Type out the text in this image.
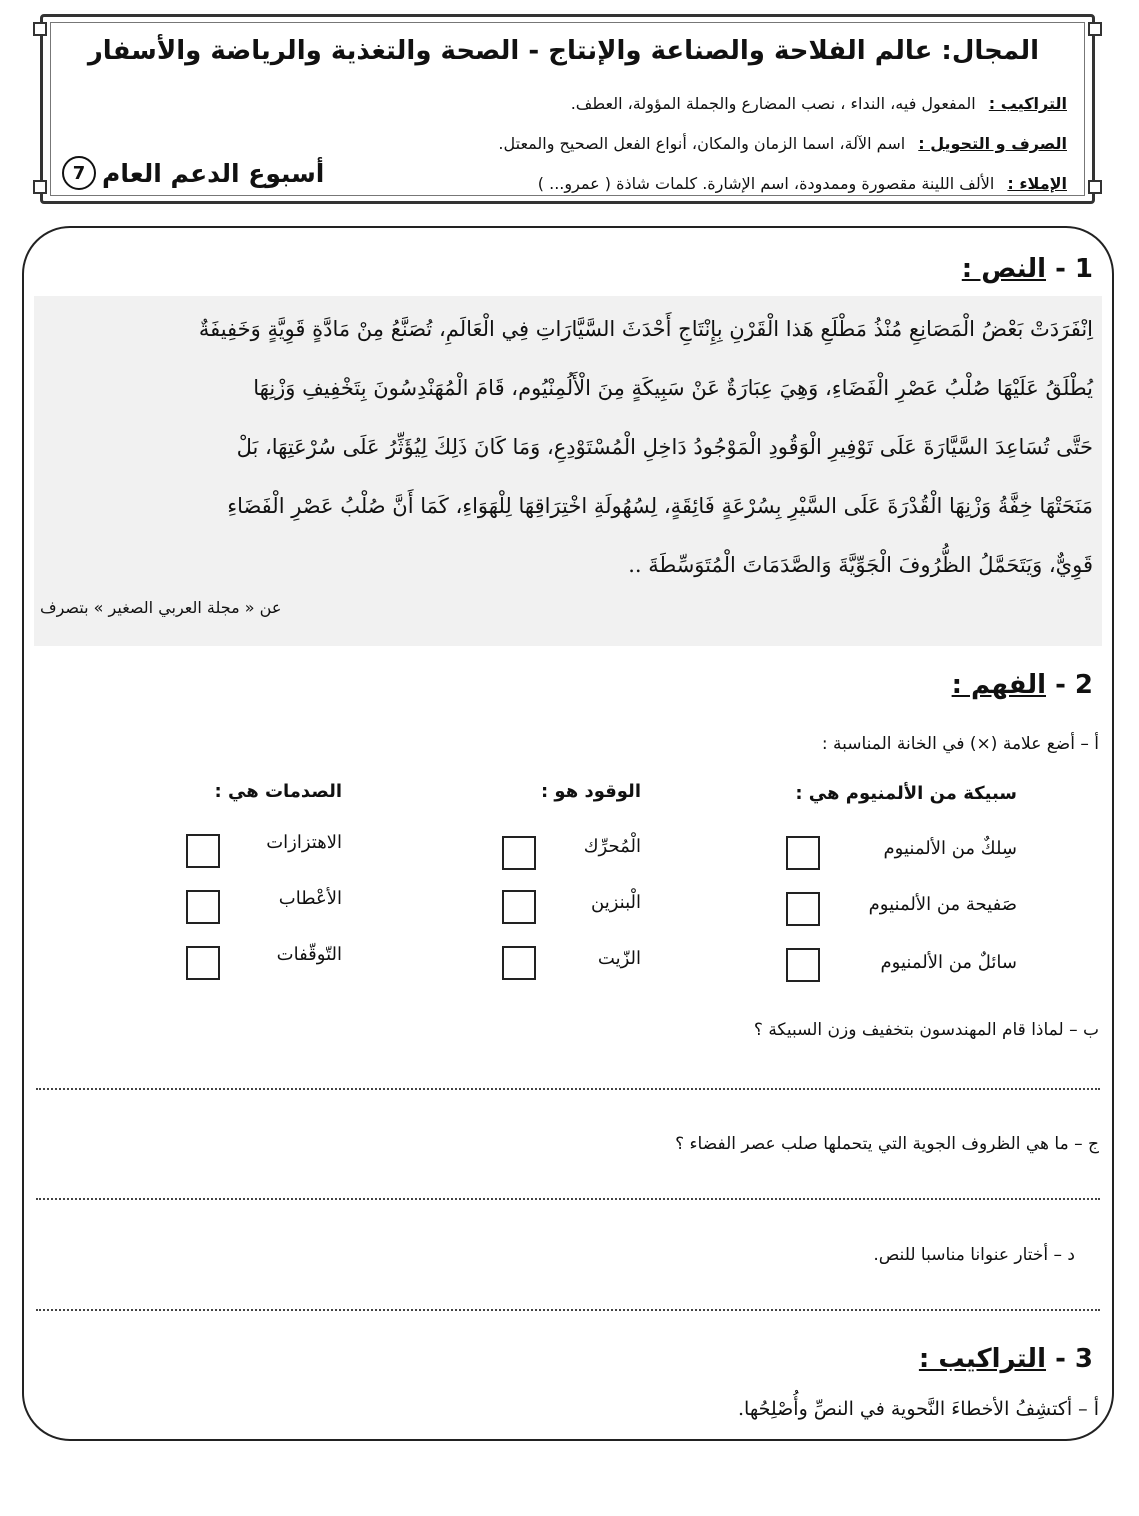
المجال: عالم الفلاحة والصناعة والإنتاج - الصحة والتغذية والرياضة والأسفار
التراكيب : المفعول فيه، النداء ، نصب المضارع والجملة المؤولة، العطف.
الصرف و التحويل : اسم الآلة، اسما الزمان والمكان، أنواع الفعل الصحيح والمعتل.
الإملاء : الألف اللينة مقصورة وممدودة، اسم الإشارة. كلمات شاذة ( عمرو... )
أسبوع الدعم العام
7
1 - النص :
اِنْفَرَدَتْ بَعْضُ الْمَصَانِعِ مُنْذُ مَطْلَعِ هَذا الْقَرْنِ بِإِنْتَاجِ أَحْدَثَ السَّيَّارَاتِ فِي الْعَالَمِ، تُصَنَّعُ مِنْ مَادَّةٍ قَوِيَّةٍ وَخَفِيفَةٌ
يُطْلَقُ عَلَيْهَا صُلْبُ عَصْرِ الْفَضَاءِ، وَهِيَ عِبَارَةٌ عَنْ سَبِيكَةٍ مِنَ الْأَلُمِنْيُوم، قَامَ الْمُهَنْدِسُونَ بِتَخْفِيفِ وَزْنِهَا
حَتَّى تُسَاعِدَ السَّيَّارَةَ عَلَى تَوْفِيرِ الْوَقُودِ الْمَوْجُودُ دَاخِلِ الْمُسْتَوْدِعِ، وَمَا كَانَ ذَلِكَ لِيُؤَثِّرُ عَلَى سُرْعَتِهَا، بَلْ
مَنَحَتْهَا خِفَّةُ وَزْنِهَا الْقُدْرَةَ عَلَى السَّيْرِ بِسُرْعَةٍ فَائِقَةٍ، لِسُهُولَةِ اخْتِرَاقِهَا لِلْهَوَاءِ، كَمَا أَنَّ صُلْبُ عَصْرِ الْفَضَاءِ
قَوِيٌّ، وَيَتَحَمَّلُ الظُّرُوفَ الْجَوِّيَّةَ وَالصَّدَمَاتَ الْمُتَوَسِّطَةَ ..
عن « مجلة العربي الصغير » بتصرف
2 - الفهم :
أ – أضع علامة (×) في الخانة المناسبة :
سبيكة من الألمنيوم هي :
الوقود هو :
الصدمات هي :
سِلكٌ من الألمنيوم
صَفيحة من الألمنيوم
سائلٌ من الألمنيوم
الْمُحرِّك
الْبنزين
الزّيت
الاهتزازات
الأعْطاب
التّوقّفات
ب – لماذا قام المهندسون بتخفيف وزن السبيكة ؟
ج – ما هي الظروف الجوية التي يتحملها صلب عصر الفضاء ؟
د – أختار عنوانا مناسبا للنص.
3 - التراكيب :
أ – أكتشِفُ الأخطاءَ النَّحوية في النصِّ وأُصْلِحُها.
